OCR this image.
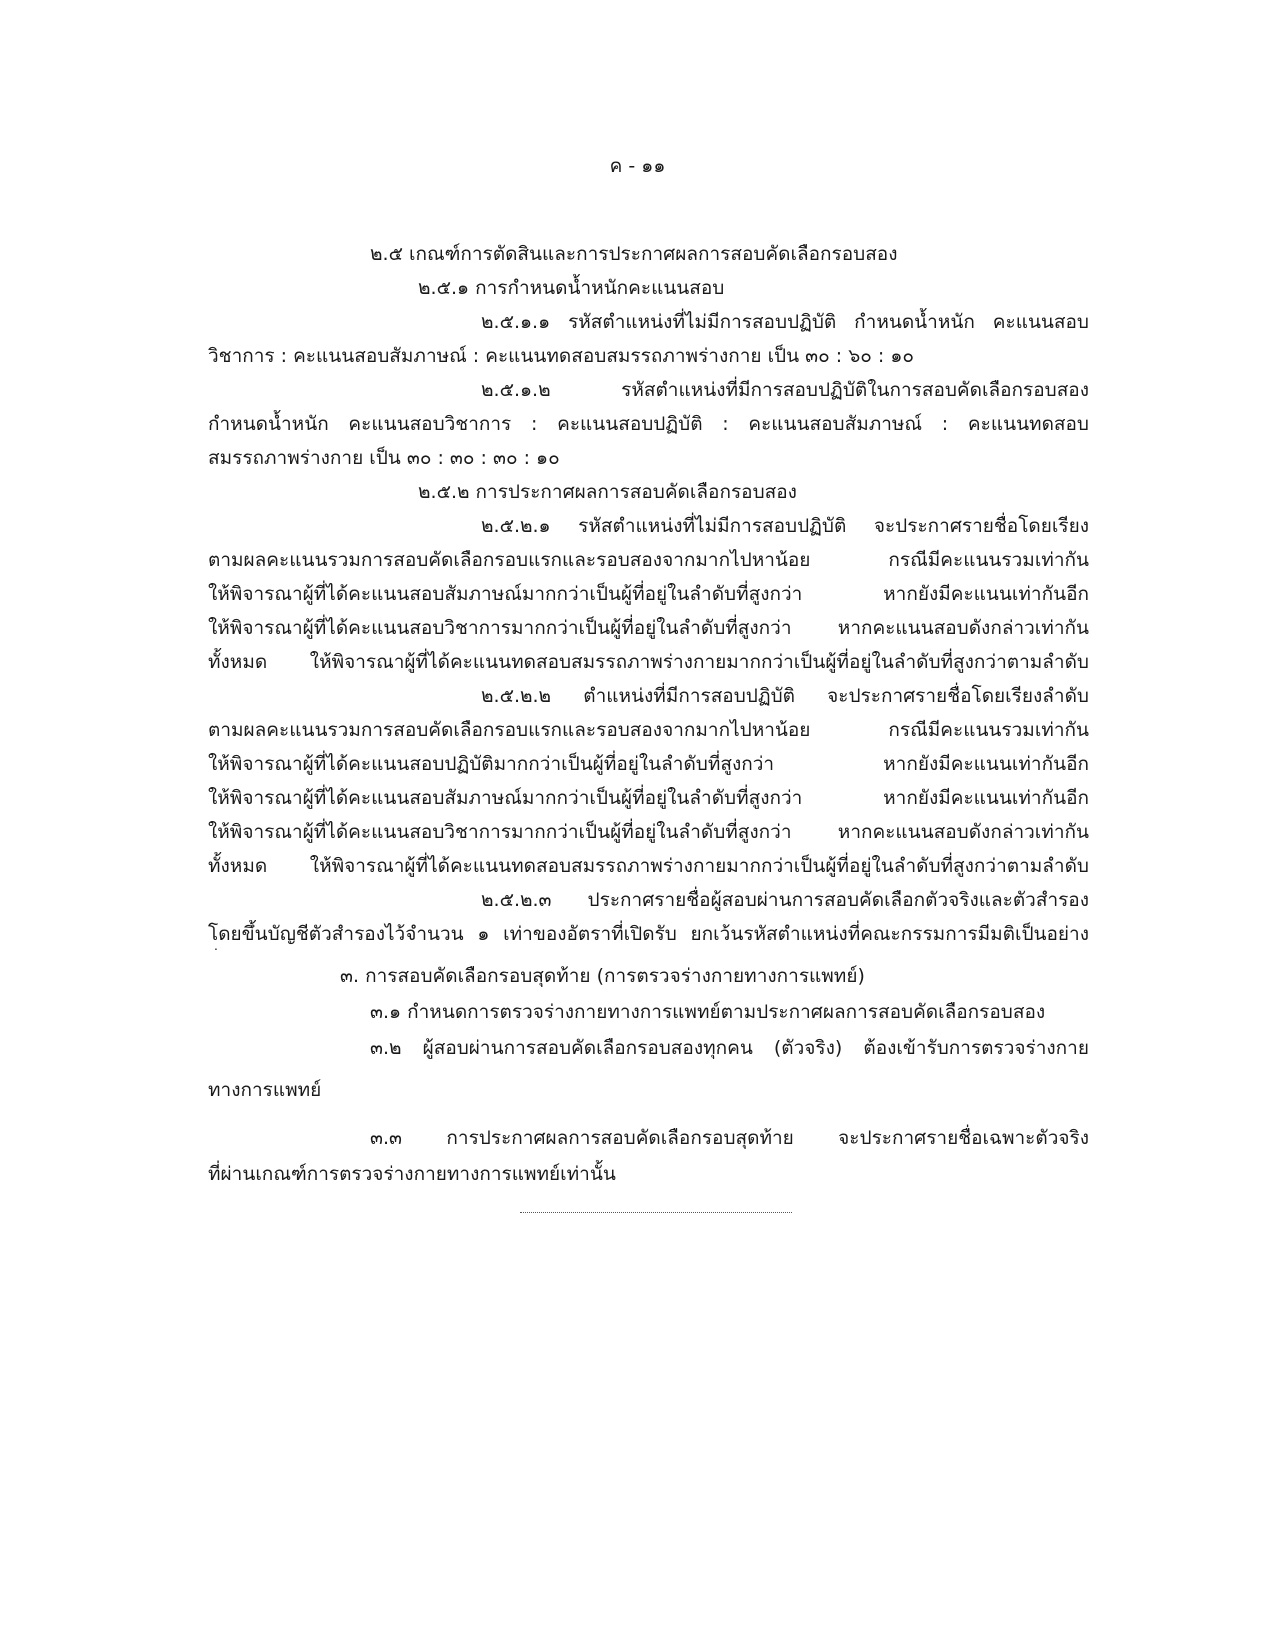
ค - ๑๑
๒.๕ เกณฑ์การตัดสินและการประกาศผลการสอบคัดเลือกรอบสอง
๒.๕.๑ การกำหนดน้ำหนักคะแนนสอบ
๒.๕.๑.๑ รหัสตำแหน่งที่ไม่มีการสอบปฏิบัติ กำหนดน้ำหนัก คะแนนสอบ
วิชาการ : คะแนนสอบสัมภาษณ์ : คะแนนทดสอบสมรรถภาพร่างกาย เป็น ๓๐ : ๖๐ : ๑๐
๒.๕.๑.๒ รหัสตำแหน่งที่มีการสอบปฏิบัติในการสอบคัดเลือกรอบสอง
กำหนดน้ำหนัก คะแนนสอบวิชาการ : คะแนนสอบปฏิบัติ : คะแนนสอบสัมภาษณ์ : คะแนนทดสอบ
สมรรถภาพร่างกาย เป็น ๓๐ : ๓๐ : ๓๐ : ๑๐
๒.๕.๒ การประกาศผลการสอบคัดเลือกรอบสอง
๒.๕.๒.๑ รหัสตำแหน่งที่ไม่มีการสอบปฏิบัติ จะประกาศรายชื่อโดยเรียง
ตามผลคะแนนรวมการสอบคัดเลือกรอบแรกและรอบสองจากมากไปหาน้อย กรณีมีคะแนนรวมเท่ากัน
ให้พิจารณาผู้ที่ได้คะแนนสอบสัมภาษณ์มากกว่าเป็นผู้ที่อยู่ในลำดับที่สูงกว่า หากยังมีคะแนนเท่ากันอีก
ให้พิจารณาผู้ที่ได้คะแนนสอบวิชาการมากกว่าเป็นผู้ที่อยู่ในลำดับที่สูงกว่า หากคะแนนสอบดังกล่าวเท่ากัน
ทั้งหมด ให้พิจารณาผู้ที่ได้คะแนนทดสอบสมรรถภาพร่างกายมากกว่าเป็นผู้ที่อยู่ในลำดับที่สูงกว่าตามลำดับ
๒.๕.๒.๒ ตำแหน่งที่มีการสอบปฏิบัติ จะประกาศรายชื่อโดยเรียงลำดับ
ตามผลคะแนนรวมการสอบคัดเลือกรอบแรกและรอบสองจากมากไปหาน้อย กรณีมีคะแนนรวมเท่ากัน
ให้พิจารณาผู้ที่ได้คะแนนสอบปฏิบัติมากกว่าเป็นผู้ที่อยู่ในลำดับที่สูงกว่า หากยังมีคะแนนเท่ากันอีก
ให้พิจารณาผู้ที่ได้คะแนนสอบสัมภาษณ์มากกว่าเป็นผู้ที่อยู่ในลำดับที่สูงกว่า หากยังมีคะแนนเท่ากันอีก
ให้พิจารณาผู้ที่ได้คะแนนสอบวิชาการมากกว่าเป็นผู้ที่อยู่ในลำดับที่สูงกว่า หากคะแนนสอบดังกล่าวเท่ากัน
ทั้งหมด ให้พิจารณาผู้ที่ได้คะแนนทดสอบสมรรถภาพร่างกายมากกว่าเป็นผู้ที่อยู่ในลำดับที่สูงกว่าตามลำดับ
๒.๕.๒.๓ ประกาศรายชื่อผู้สอบผ่านการสอบคัดเลือกตัวจริงและตัวสำรอง
โดยขึ้นบัญชีตัวสำรองไว้จำนวน ๑ เท่าของอัตราที่เปิดรับ ยกเว้นรหัสตำแหน่งที่คณะกรรมการมีมติเป็นอย่าง
๓. การสอบคัดเลือกรอบสุดท้าย (การตรวจร่างกายทางการแพทย์)
๓.๑ กำหนดการตรวจร่างกายทางการแพทย์ตามประกาศผลการสอบคัดเลือกรอบสอง
๓.๒ ผู้สอบผ่านการสอบคัดเลือกรอบสองทุกคน (ตัวจริง) ต้องเข้ารับการตรวจร่างกาย
ทางการแพทย์
๓.๓ การประกาศผลการสอบคัดเลือกรอบสุดท้าย จะประกาศรายชื่อเฉพาะตัวจริง
ที่ผ่านเกณฑ์การตรวจร่างกายทางการแพทย์เท่านั้น
